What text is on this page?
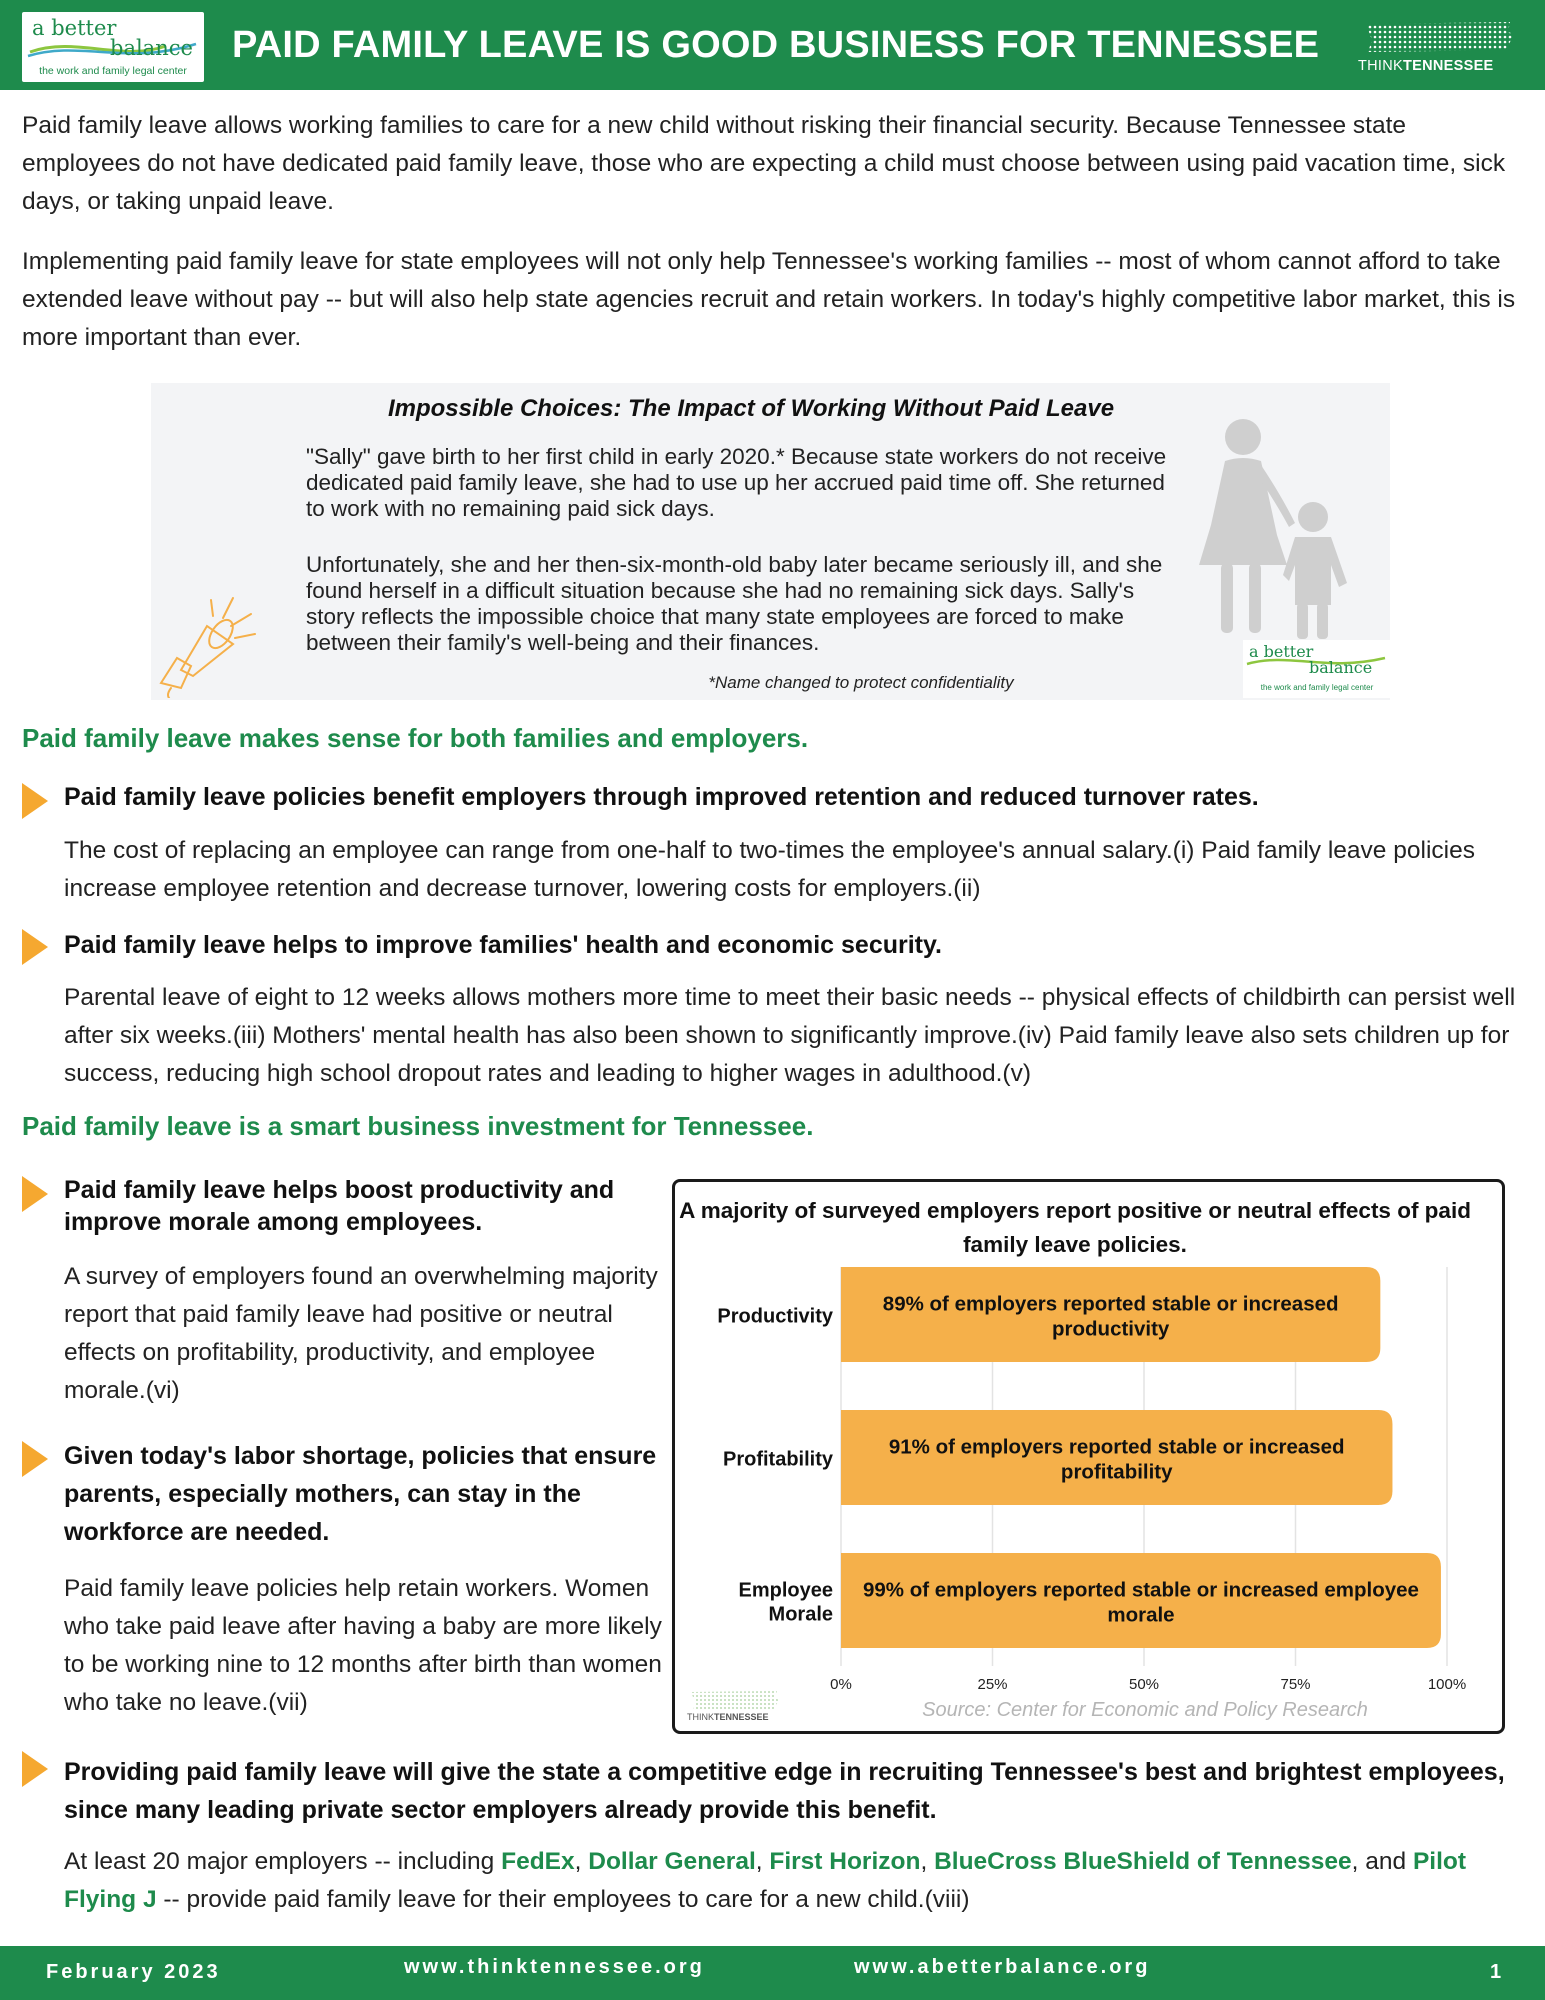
a better
balance
the work and family legal center
PAID FAMILY LEAVE IS GOOD BUSINESS FOR TENNESSEE	THINKTENNESSEE

Paid family leave allows working families to care for a new child without risking their financial security. Because Tennessee state employees do not have dedicated paid family leave, those who are expecting a child must choose between using paid vacation time, sick days, or taking unpaid leave.

Implementing paid family leave for state employees will not only help Tennessee's working families -- most of whom cannot afford to take extended leave without pay -- but will also help state agencies recruit and retain workers. In today's highly competitive labor market, this is more important than ever.

Impossible Choices: The Impact of Working Without Paid Leave

"Sally" gave birth to her first child in early 2020.* Because state workers do not receive dedicated paid family leave, she had to use up her accrued paid time off. She returned to work with no remaining paid sick days.

Unfortunately, she and her then-six-month-old baby later became seriously ill, and she found herself in a difficult situation because she had no remaining sick days. Sally's story reflects the impossible choice that many state employees are forced to make between their family's well-being and their finances.	a better
balance
the work and family legal center
*Name changed to protect confidentiality
Paid family leave makes sense for both families and employers.
Paid family leave policies benefit employers through improved retention and reduced turnover rates.

The cost of replacing an employee can range from one-half to two-times the employee's annual salary.(i) Paid family leave policies increase employee retention and decrease turnover, lowering costs for employers.(ii)

Paid family leave helps to improve families' health and economic security.

Parental leave of eight to 12 weeks allows mothers more time to meet their basic needs -- physical effects of childbirth can persist well after six weeks.(iii) Mothers' mental health has also been shown to significantly improve.(iv) Paid family leave also sets children up for success, reducing high school dropout rates and leading to higher wages in adulthood.(v)

Paid family leave is a smart business investment for Tennessee.
Paid family leave helps boost productivity and improve morale among employees.

A survey of employers found an overwhelming majority report that paid family leave had positive or neutral effects on profitability, productivity, and employee morale.(vi)

Given today's labor shortage, policies that ensure parents, especially mothers, can stay in the workforce are needed.

Paid family leave policies help retain workers. Women who take paid leave after having a baby are more likely to be working nine to 12 months after birth than women who take no leave.(vii)

A majority of surveyed employers report positive or neutral effects of paid family leave policies.
0%	25%	50%	75%	100%
Productivity
89% of employers reported stable or increased
productivity
Profitability
91% of employers reported stable or increased
profitability
Employee
Morale
99% of employers reported stable or increased employee
morale
THINKTENNESSEE	Source: Center for Economic and Policy Research
Providing paid family leave will give the state a competitive edge in recruiting Tennessee's best and brightest employees, since many leading private sector employers already provide this benefit.

At least 20 major employers -- including FedEx, Dollar General, First Horizon, BlueCross BlueShield of Tennessee, and Pilot Flying J -- provide paid family leave for their employees to care for a new child.(viii)

February 2023	www.thinktennessee.org	www.abetterbalance.org	1
